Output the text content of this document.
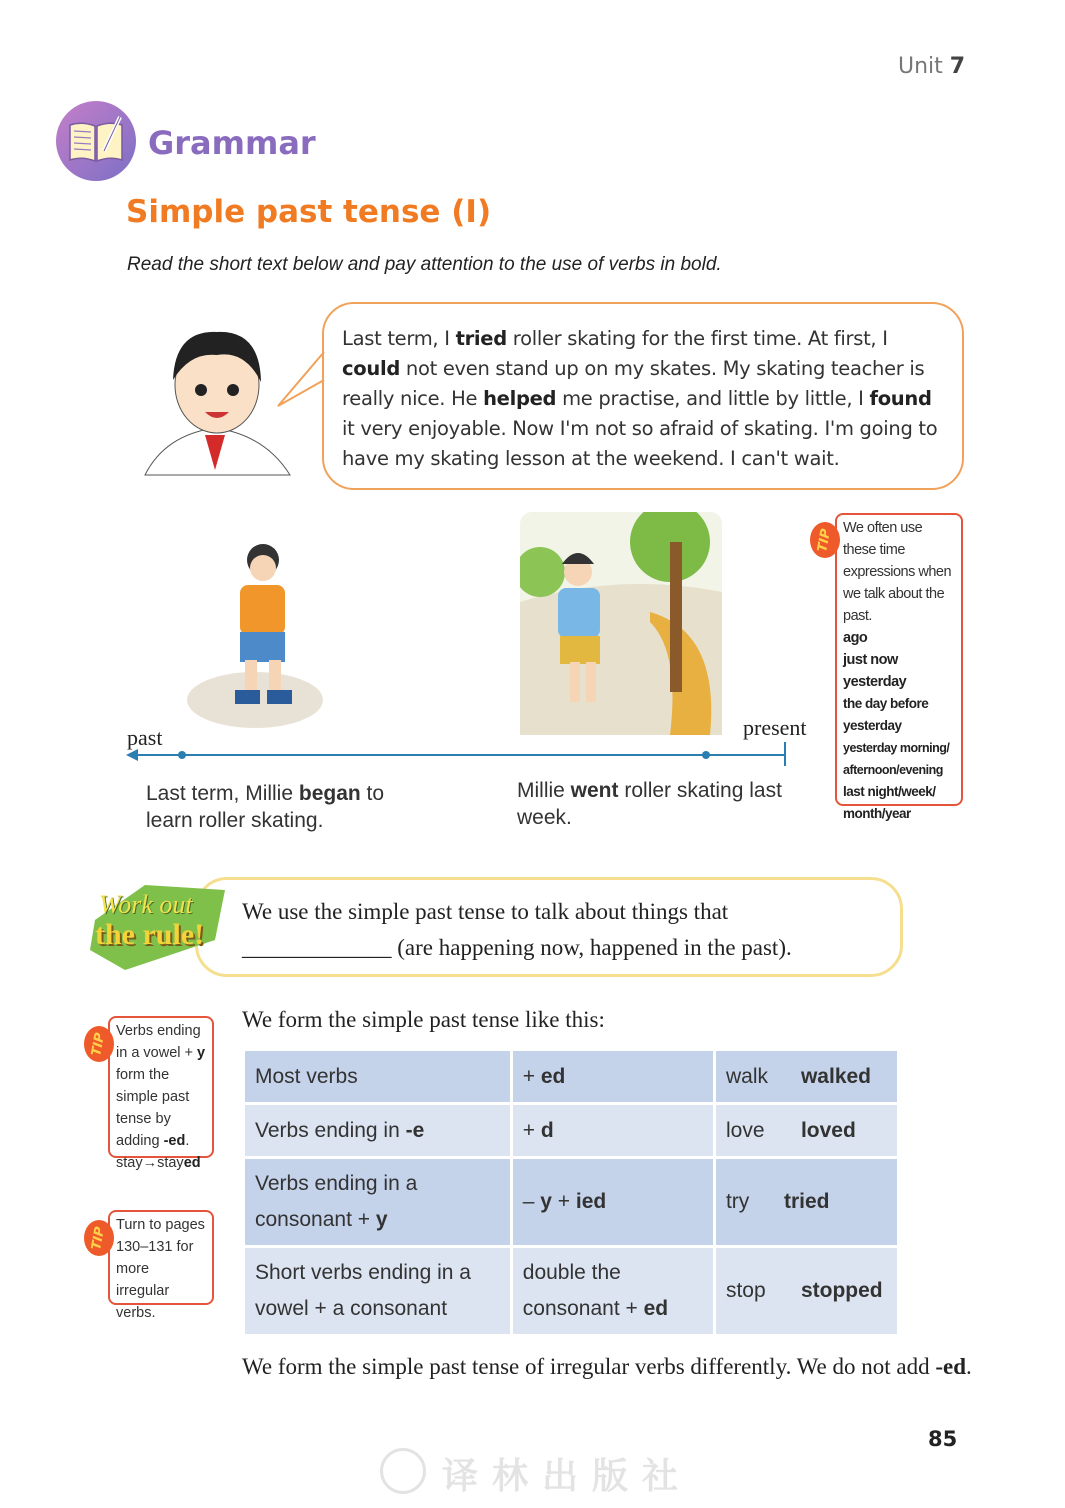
Unit 7
Grammar
Simple past tense (I)
Read the short text below and pay attention to the use of verbs in bold.
Last term, I tried roller skating for the first time. At first, I could not even stand up on my skates. My skating teacher is really nice. He helped me practise, and little by little, I found it very enjoyable. Now I'm not so afraid of skating. I'm going to have my skating lesson at the weekend. I can't wait.
past	present
Last term, Millie began to learn roller skating.
Millie went roller skating last week.
We often use these time expressions when we talk about the past.
ago
just now
yesterday
the day before yesterday
yesterday morning/ afternoon/evening
last night/week/ month/year
TIP
Work out
the rule!
We use the simple past tense to talk about things that
_____________ (are happening now, happened in the past).
We form the simple past tense like this:
Most verbs	+ ed	walk walked
Verbs ending in -e	+ d	love loved
Verbs ending in a consonant + y	– y + ied	try tried
Short verbs ending in a vowel + a consonant	double the consonant + ed	stop stopped
Verbs ending in a vowel + y form the simple past tense by adding -ed. stay→stayed
TIP
Turn to pages 130–131 for more irregular verbs.
TIP
We form the simple past tense of irregular verbs differently. We do not add -ed.
85
译林出版社
